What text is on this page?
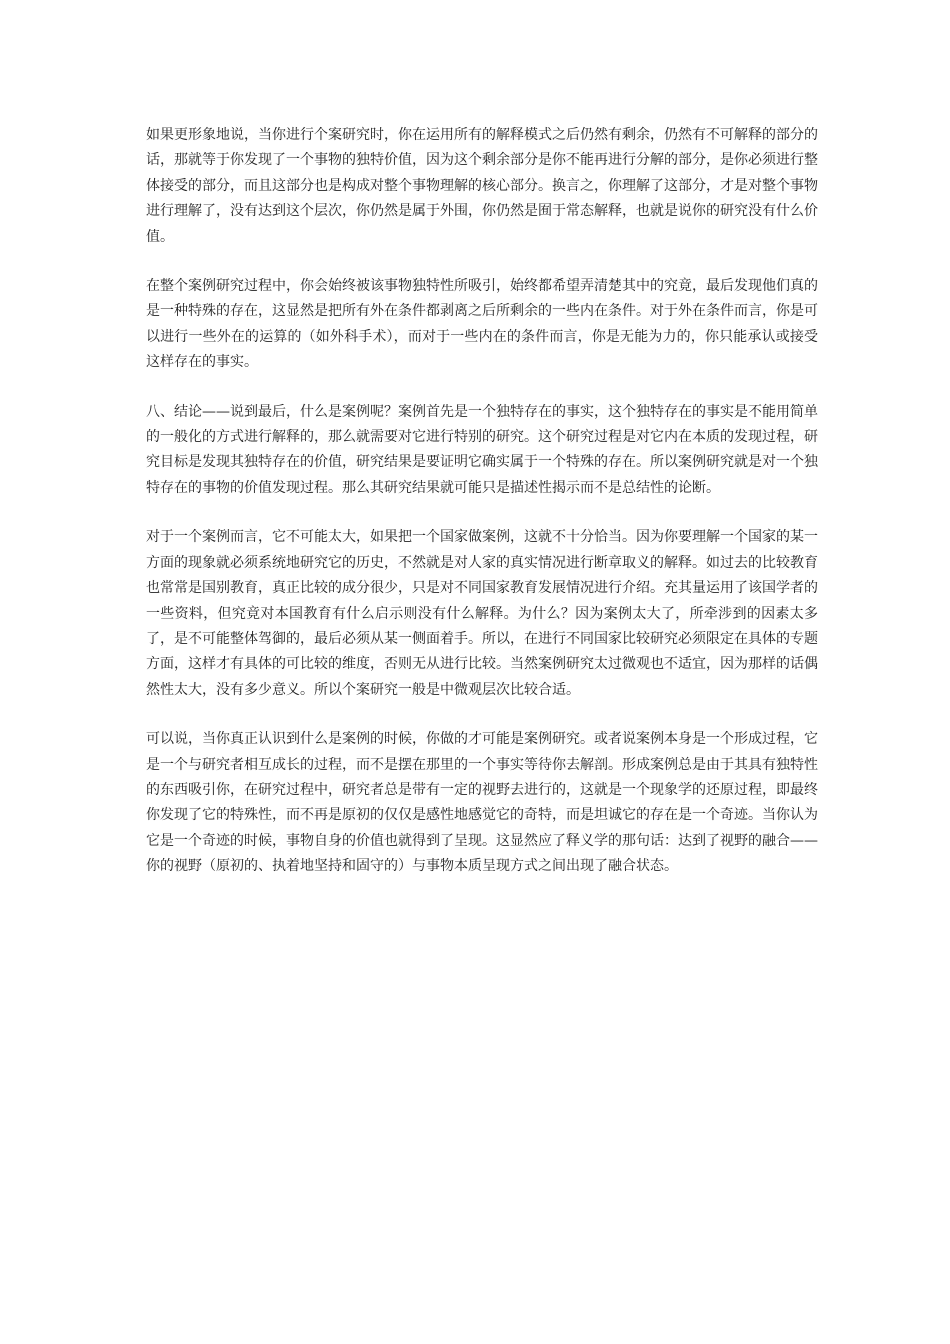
如果更形象地说，当你进行个案研究时，你在运用所有的解释模式之后仍然有剩余，仍然有不可解释的部分的话，那就等于你发现了一个事物的独特价值，因为这个剩余部分是你不能再进行分解的部分，是你必须进行整体接受的部分，而且这部分也是构成对整个事物理解的核心部分。换言之，你理解了这部分，才是对整个事物进行理解了，没有达到这个层次，你仍然是属于外围，你仍然是囿于常态解释，也就是说你的研究没有什么价值。

在整个案例研究过程中，你会始终被该事物独特性所吸引，始终都希望弄清楚其中的究竟，最后发现他们真的是一种特殊的存在，这显然是把所有外在条件都剥离之后所剩余的一些内在条件。对于外在条件而言，你是可以进行一些外在的运算的（如外科手术），而对于一些内在的条件而言，你是无能为力的，你只能承认或接受这样存在的事实。

八、结论——说到最后，什么是案例呢？案例首先是一个独特存在的事实，这个独特存在的事实是不能用简单的一般化的方式进行解释的，那么就需要对它进行特别的研究。这个研究过程是对它内在本质的发现过程，研究目标是发现其独特存在的价值，研究结果是要证明它确实属于一个特殊的存在。所以案例研究就是对一个独特存在的事物的价值发现过程。那么其研究结果就可能只是描述性揭示而不是总结性的论断。

对于一个案例而言，它不可能太大，如果把一个国家做案例，这就不十分恰当。因为你要理解一个国家的某一方面的现象就必须系统地研究它的历史，不然就是对人家的真实情况进行断章取义的解释。如过去的比较教育也常常是国别教育，真正比较的成分很少，只是对不同国家教育发展情况进行介绍。充其量运用了该国学者的一些资料，但究竟对本国教育有什么启示则没有什么解释。为什么？因为案例太大了，所牵涉到的因素太多了，是不可能整体驾御的，最后必须从某一侧面着手。所以，在进行不同国家比较研究必须限定在具体的专题方面，这样才有具体的可比较的维度，否则无从进行比较。当然案例研究太过微观也不适宜，因为那样的话偶然性太大，没有多少意义。所以个案研究一般是中微观层次比较合适。

可以说，当你真正认识到什么是案例的时候，你做的才可能是案例研究。或者说案例本身是一个形成过程，它是一个与研究者相互成长的过程，而不是摆在那里的一个事实等待你去解剖。形成案例总是由于其具有独特性的东西吸引你，在研究过程中，研究者总是带有一定的视野去进行的，这就是一个现象学的还原过程，即最终你发现了它的特殊性，而不再是原初的仅仅是感性地感觉它的奇特，而是坦诚它的存在是一个奇迹。当你认为它是一个奇迹的时候，事物自身的价值也就得到了呈现。这显然应了释义学的那句话：达到了视野的融合——你的视野（原初的、执着地坚持和固守的）与事物本质呈现方式之间出现了融合状态。
